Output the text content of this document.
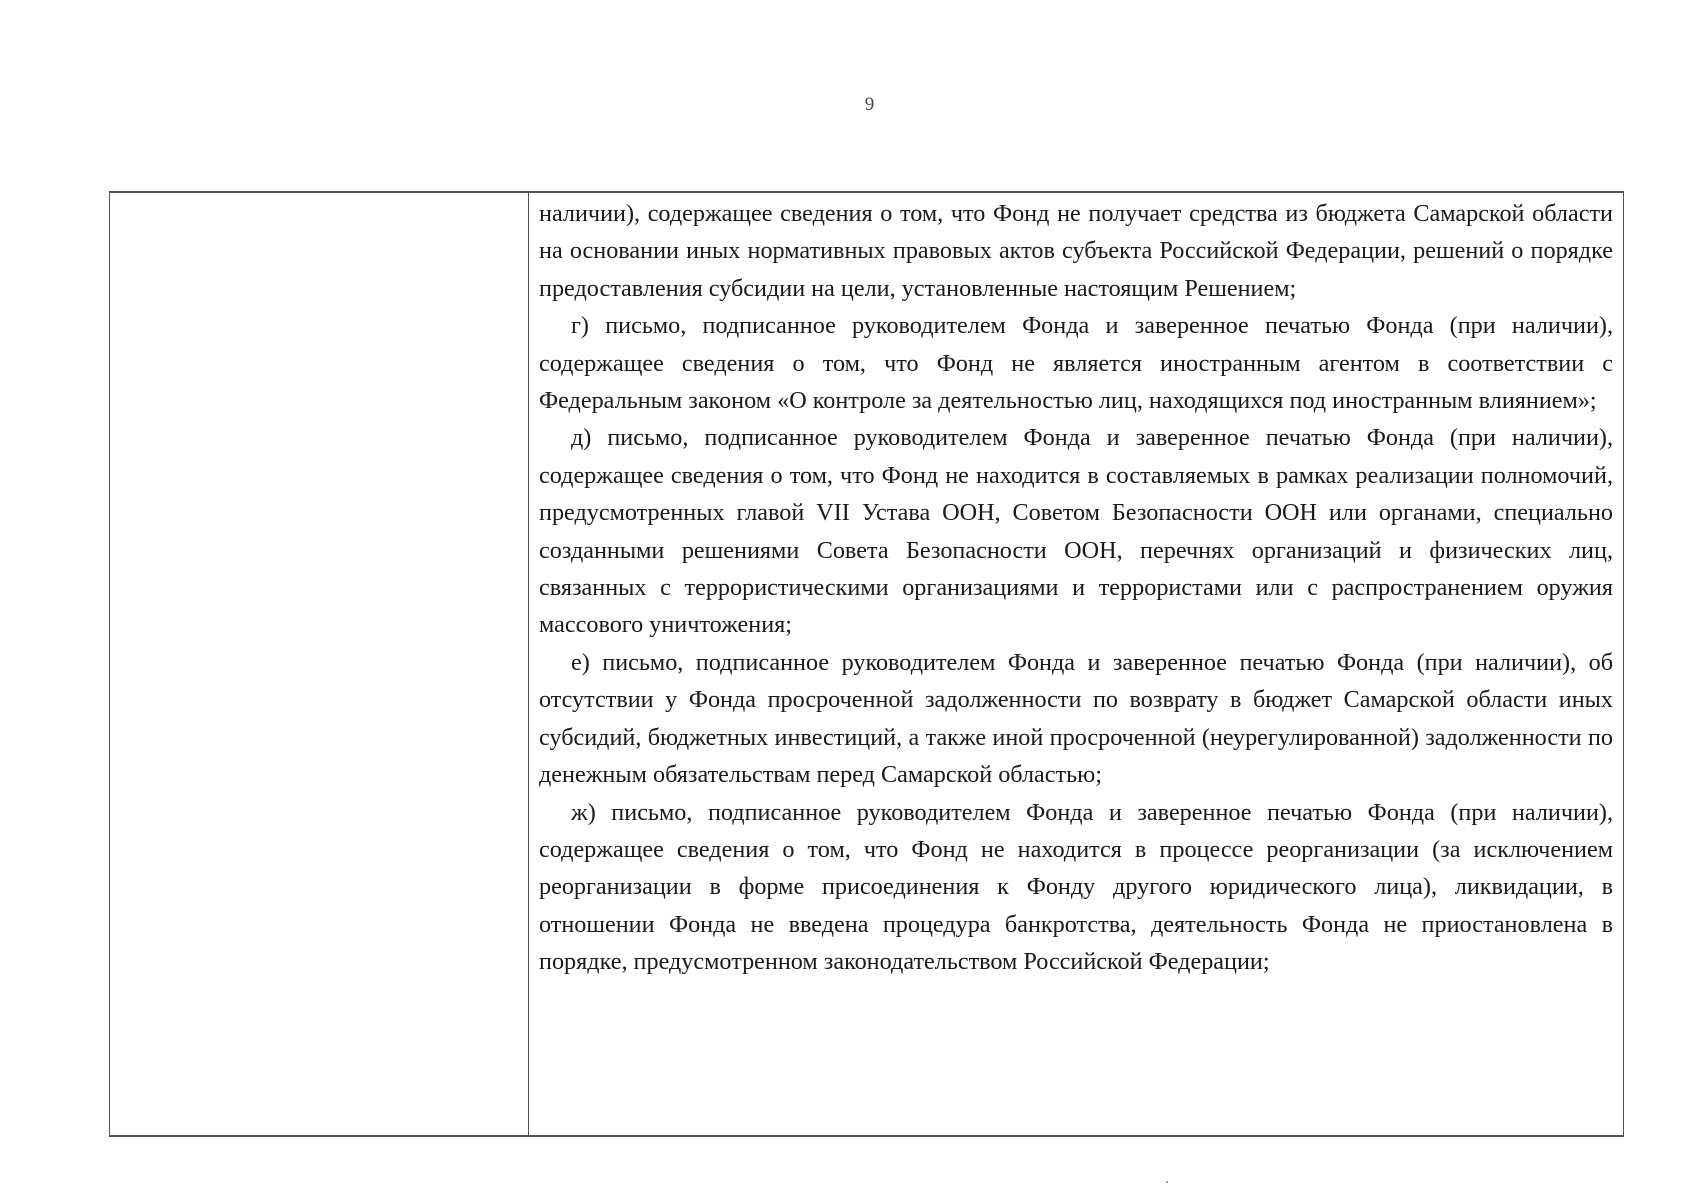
9

наличии), содержащее сведения о том, что Фонд не получает средства из бюджета Самарской области на основании иных нормативных правовых актов субъекта Российской Федерации, решений о порядке предоставления субсидии на цели, установленные настоящим Решением;

г) письмо, подписанное руководителем Фонда и заверенное печатью Фонда (при наличии), содержащее сведения о том, что Фонд не является иностранным агентом в соответствии с Федеральным законом «О контроле за деятельностью лиц, находящихся под иностранным влиянием»;

д) письмо, подписанное руководителем Фонда и заверенное печатью Фонда (при наличии), содержащее сведения о том, что Фонд не находится в составляемых в рамках реализации полномочий, предусмотренных главой VII Устава ООН, Советом Безопасности ООН или органами, специально созданными решениями Совета Безопасности ООН, перечнях организаций и физических лиц, связанных с террористическими организациями и террористами или с распространением оружия массового уничтожения;

е) письмо, подписанное руководителем Фонда и заверенное печатью Фонда (при наличии), об отсутствии у Фонда просроченной задолженности по возврату в бюджет Самарской области иных субсидий, бюджетных инвестиций, а также иной просроченной (неурегулированной) задолженности по денежным обязательствам перед Самарской областью;

ж) письмо, подписанное руководителем Фонда и заверенное печатью Фонда (при наличии), содержащее сведения о том, что Фонд не находится в процессе реорганизации (за исключением реорганизации в форме присоединения к Фонду другого юридического лица), ликвидации, в отношении Фонда не введена процедура банкротства, деятельность Фонда не приостановлена в порядке, предусмотренном законодательством Российской Федерации;
